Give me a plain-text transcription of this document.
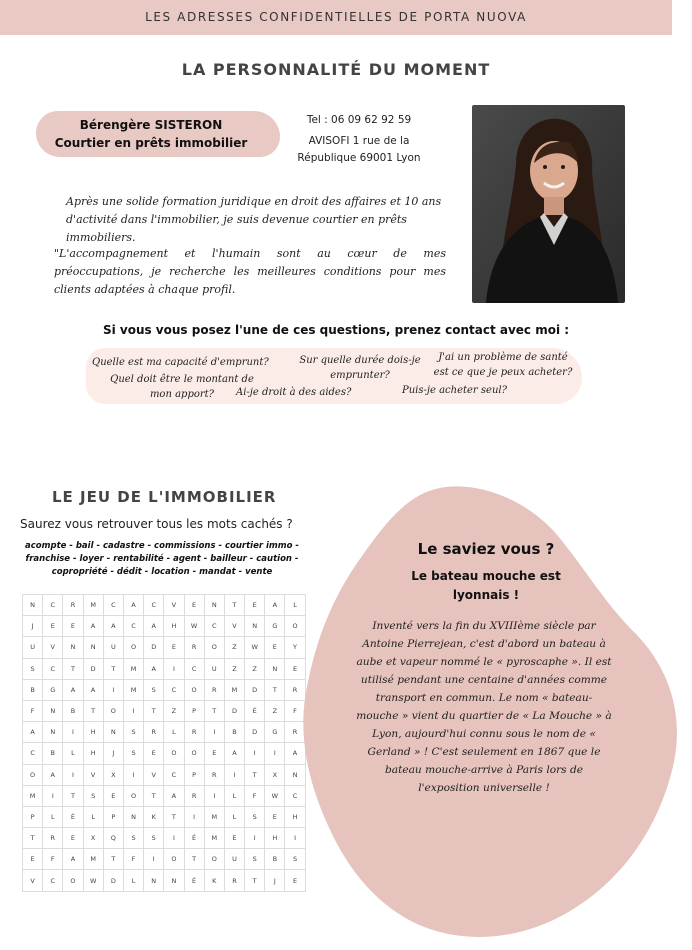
LES ADRESSES CONFIDENTIELLES DE PORTA NUOVA
LA PERSONNALITÉ DU MOMENT
Bérengère SISTERON
Courtier en prêts immobilier
Tel : 06 09 62 92 59
AVISOFI 1 rue de la
République 69001 Lyon
Après une solide formation juridique en droit des affaires et 10 ans d'activité dans l'immobilier, je suis devenue courtier en prêts immobiliers.
"L'accompagnement et l'humain sont au cœur de mes préoccupations, je recherche les meilleures conditions pour mes clients adaptées à chaque profil.
Si vous vous posez l'une de ces questions, prenez contact avec moi :
Quelle est ma capacité d'emprunt?	Sur quelle durée dois-je emprunter?
J'ai un problème de santé est ce que je peux acheter?
Quel doit être le montant de mon apport?	Ai-je droit à des aides?	Puis-je acheter seul?
LE JEU DE L'IMMOBILIER
Saurez vous retrouver tous les mots cachés ?
acompte - bail - cadastre - commissions - courtier immo -
franchise - loyer - rentabilité - agent - bailleur - caution -
copropriété - dédit - location - mandat - vente
N	C	R	M	C	A	C	V	E	N	T	E	A	L
J	E	E	A	A	C	A	H	W	C	V	N	G	O
U	V	N	N	U	O	D	E	R	O	Z	W	E	Y
S	C	T	D	T	M	A	I	C	U	Z	Z	N	E
B	G	A	A	I	M	S	C	O	R	M	D	T	R
F	N	B	T	O	I	T	Z	P	T	D	É	Z	F
A	N	I	H	N	S	R	L	R	I	B	D	G	R
C	B	L	H	J	S	E	O	O	E	A	I	I	A
O	A	I	V	X	I	V	C	P	R	I	T	X	N
M	I	T	S	E	O	T	A	R	I	L	F	W	C
P	L	É	L	P	N	K	T	I	M	L	S	E	H
T	R	E	X	Q	S	S	I	É	M	E	I	H	I
E	F	A	M	T	F	I	O	T	O	U	S	B	S
V	C	O	W	D	L	N	N	É	K	R	T	J	E
Le saviez vous ?
Le bateau mouche est lyonnais !
Inventé vers la fin du XVIIIème siècle par Antoine Pierrejean, c'est d'abord un bateau à aube et vapeur nommé le « pyroscaphe ». Il est utilisé pendant une centaine d'années comme transport en commun. Le nom « bateau-mouche » vient du quartier de « La Mouche » à Lyon, aujourd'hui connu sous le nom de « Gerland » ! C'est seulement en 1867 que le bateau mouche-arrive à Paris lors de l'exposition universelle !
